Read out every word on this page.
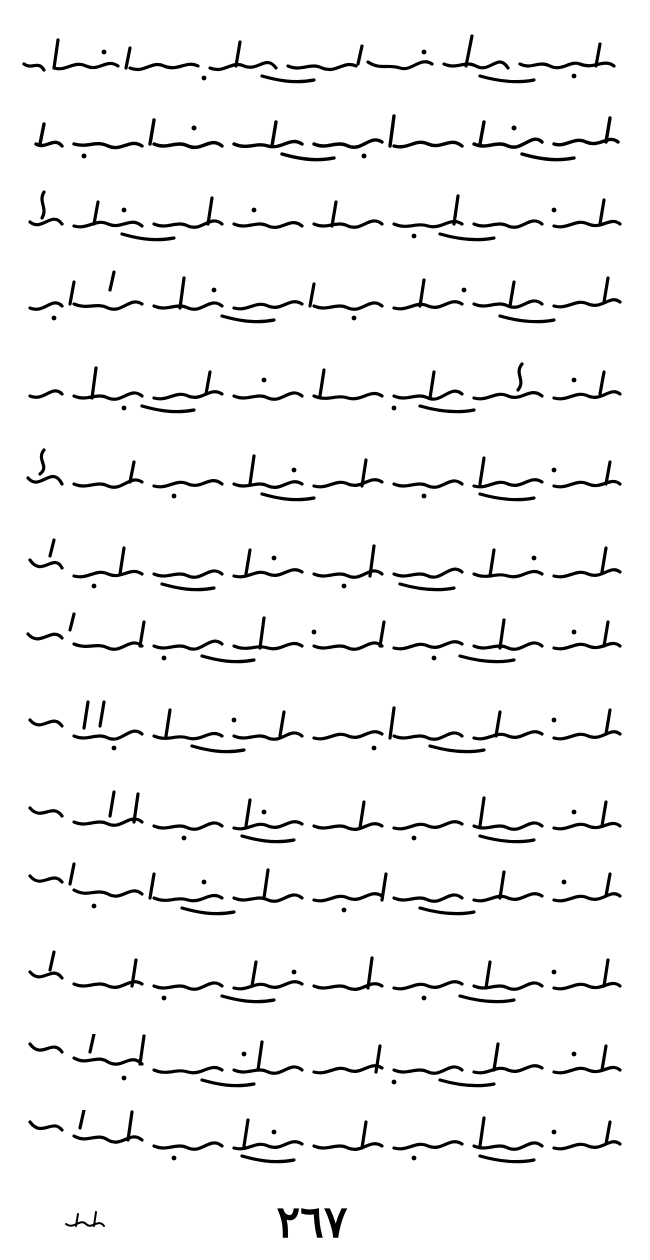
٢٦٧
